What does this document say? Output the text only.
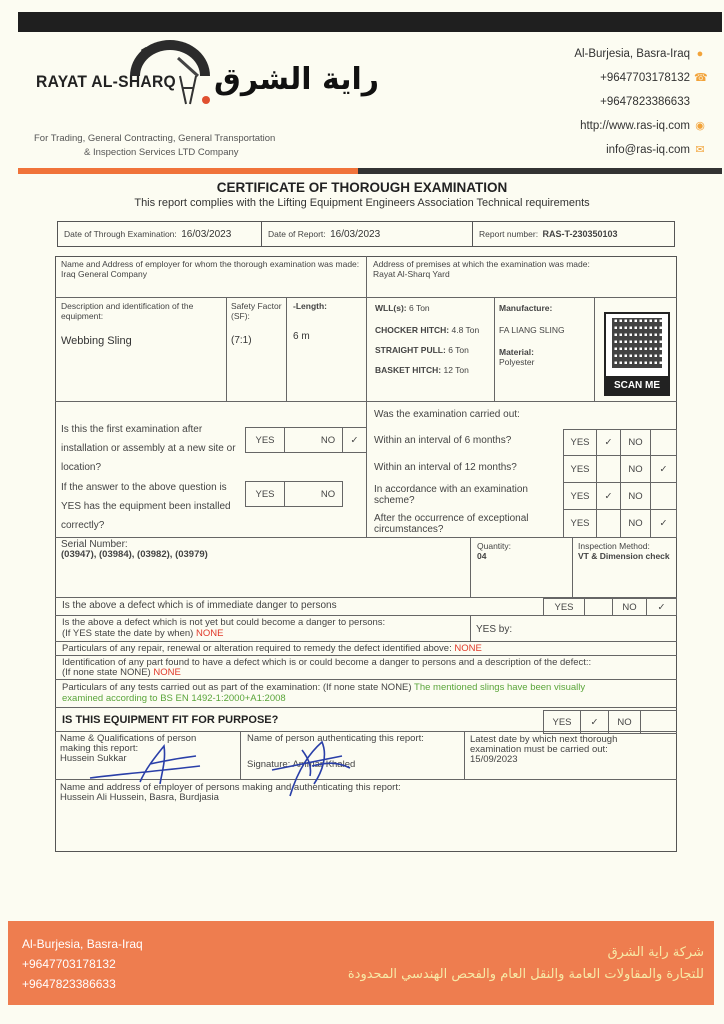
RAYAT AL-SHARQ راية الشرق
For Trading, General Contracting, General Transportation
& Inspection Services LTD Company
Al-Burjesia, Basra-Iraq ●
+9647703178132 ☎
+9647823386633
http://www.ras-iq.com ◉
info@ras-iq.com ✉
CERTIFICATE OF THOROUGH EXAMINATION
This report complies with the Lifting Equipment Engineers Association Technical requirements
Date of Through Examination:
16/03/2023	Date of Report:
16/03/2023	Report number:
RAS-T-230350103
Name and Address of employer for whom the thorough examination was made:
Iraq General Company
Address of premises at which the examination was made:
Rayat Al-Sharq Yard
Description and identification of the equipment:
Webbing Sling
Safety Factor (SF):
(7:1)
-Length:
6 m
WLL(s): 6 Ton
CHOCKER HITCH: 4.8 Ton
STRAIGHT PULL: 6 Ton
BASKET HITCH: 12 Ton
Manufacture:
FA LIANG SLING
Material:
Polyester
SCAN ME
Is this the first examination after installation or assembly at a new site or location?
YES	NO	✓
If the answer to the above question is YES has the equipment been installed correctly?
YES	NO
Was the examination carried out:
Within an interval of 6 months?	YES	✓	NO
Within an interval of 12 months?	YES	NO	✓
In accordance with an examination scheme?	YES	✓	NO
After the occurrence of exceptional circumstances?
YES	NO	✓
Serial Number:
(03947), (03984), (03982), (03979)
Quantity:
04
Inspection Method:
VT & Dimension check
Is the above a defect which is of immediate danger to persons	YES	NO	✓
Is the above a defect which is not yet but could become a danger to persons:
(If YES state the date by when) NONE	YES by:
Particulars of any repair, renewal or alteration required to remedy the defect identified above: NONE
Identification of any part found to have a defect which is or could become a danger to persons and a description of the defect::
(If none state NONE) NONE
Particulars of any tests carried out as part of the examination: (If none state NONE) The mentioned slings have been visually
examined according to BS EN 1492-1:2000+A1:2008
IS THIS EQUIPMENT FIT FOR PURPOSE?	YES	✓	NO
Name & Qualifications of person making this report:
Hussein Sukkar
Name of person authenticating this report:
Signature: Ammar Khaled
Latest date by which next thorough examination must be carried out:
15/09/2023
Name and address of employer of persons making and authenticating this report:
Hussein Ali Hussein, Basra, Burdjasia
Al-Burjesia, Basra-Iraq
+9647703178132
+9647823386633
شركة راية الشرق
للتجارة والمقاولات العامة والنقل العام والفحص الهندسي المحدودة
